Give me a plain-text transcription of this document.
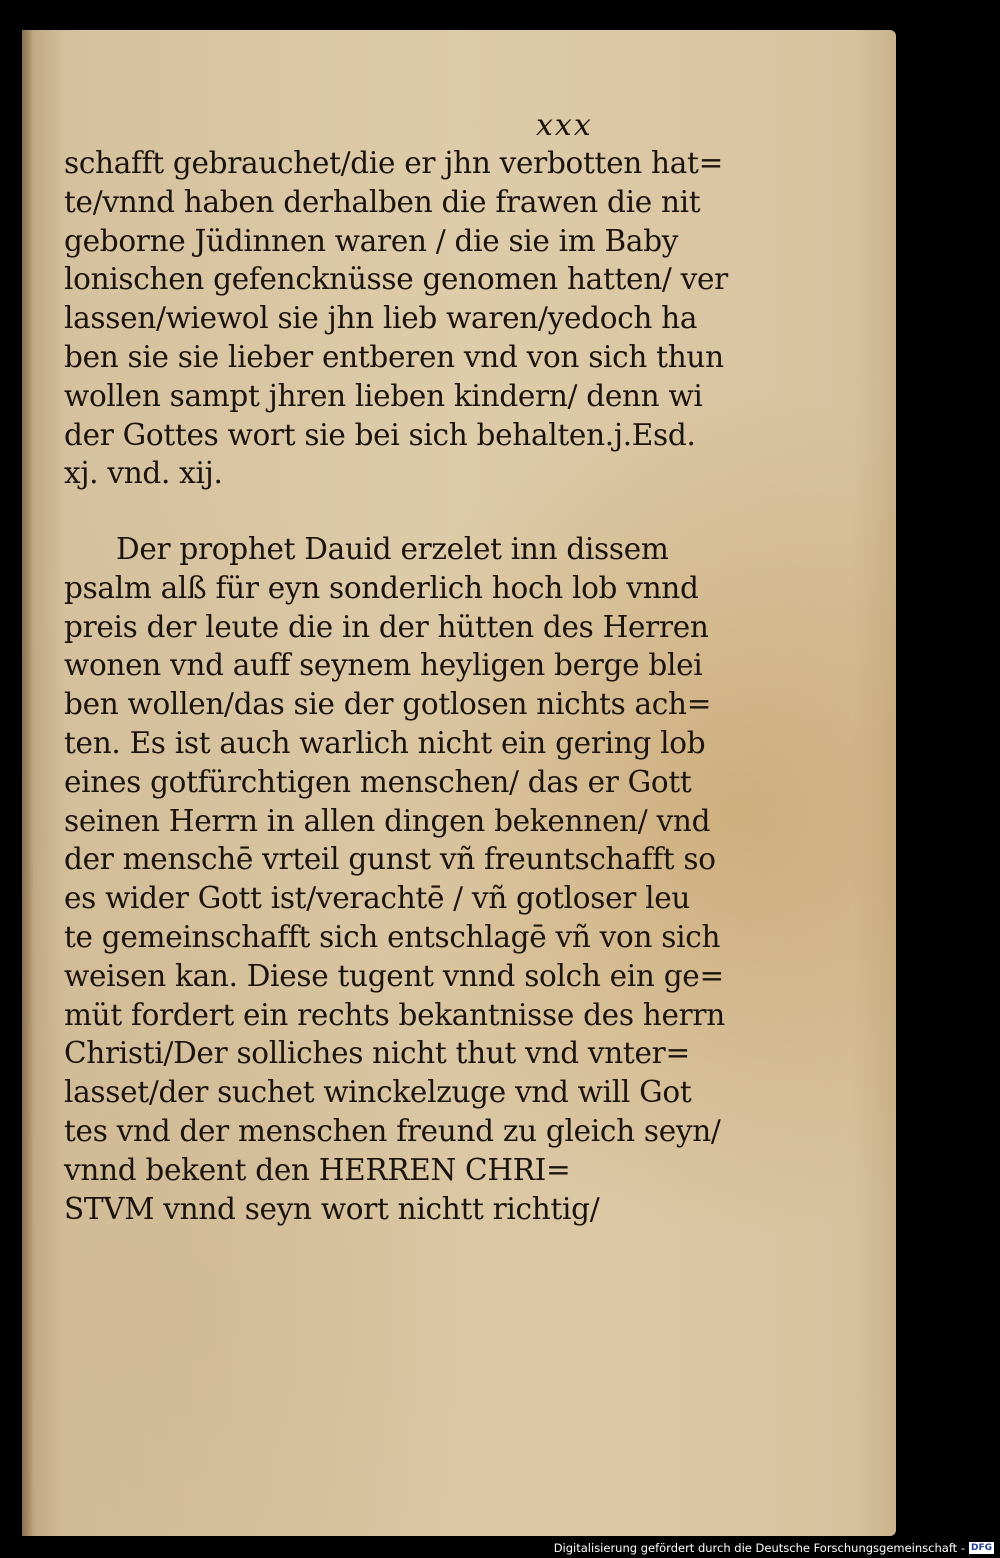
xxx
schafft gebrauchet/die er jhn verbotten hat=
te/vnnd haben derhalben die frawen die nit
geborne Jüdinnen waren / die sie im Baby
lonischen gefencknüsse genomen hatten/ ver
lassen/wiewol sie jhn lieb waren/yedoch ha
ben sie sie lieber entberen vnd von sich thun
wollen sampt jhren lieben kindern/ denn wi
der Gottes wort sie bei sich behalten.j.Esd.
xj. vnd. xij.
Der prophet Dauid erzelet inn dissem
psalm alß für eyn sonderlich hoch lob vnnd
preis der leute die in der hütten des Herren
wonen vnd auff seynem heyligen berge blei
ben wollen/das sie der gotlosen nichts ach=
ten. Es ist auch warlich nicht ein gering lob
eines gotfürchtigen menschen/ das er Gott
seinen Herrn in allen dingen bekennen/ vnd
der menschē vrteil gunst vñ freuntschafft so
es wider Gott ist/verachtē / vñ gotloser leu
te gemeinschafft sich entschlagē vñ von sich
weisen kan. Diese tugent vnnd solch ein ge=
müt fordert ein rechts bekantnisse des herrn
Christi/Der solliches nicht thut vnd vnter=
lasset/der suchet winckelzuge vnd will Got
tes vnd der menschen freund zu gleich seyn/
vnnd bekent den HERREN CHRI=
STVM vnnd seyn wort nichtt richtig/
Digitalisierung gefördert durch die Deutsche Forschungsgemeinschaft - DFG
